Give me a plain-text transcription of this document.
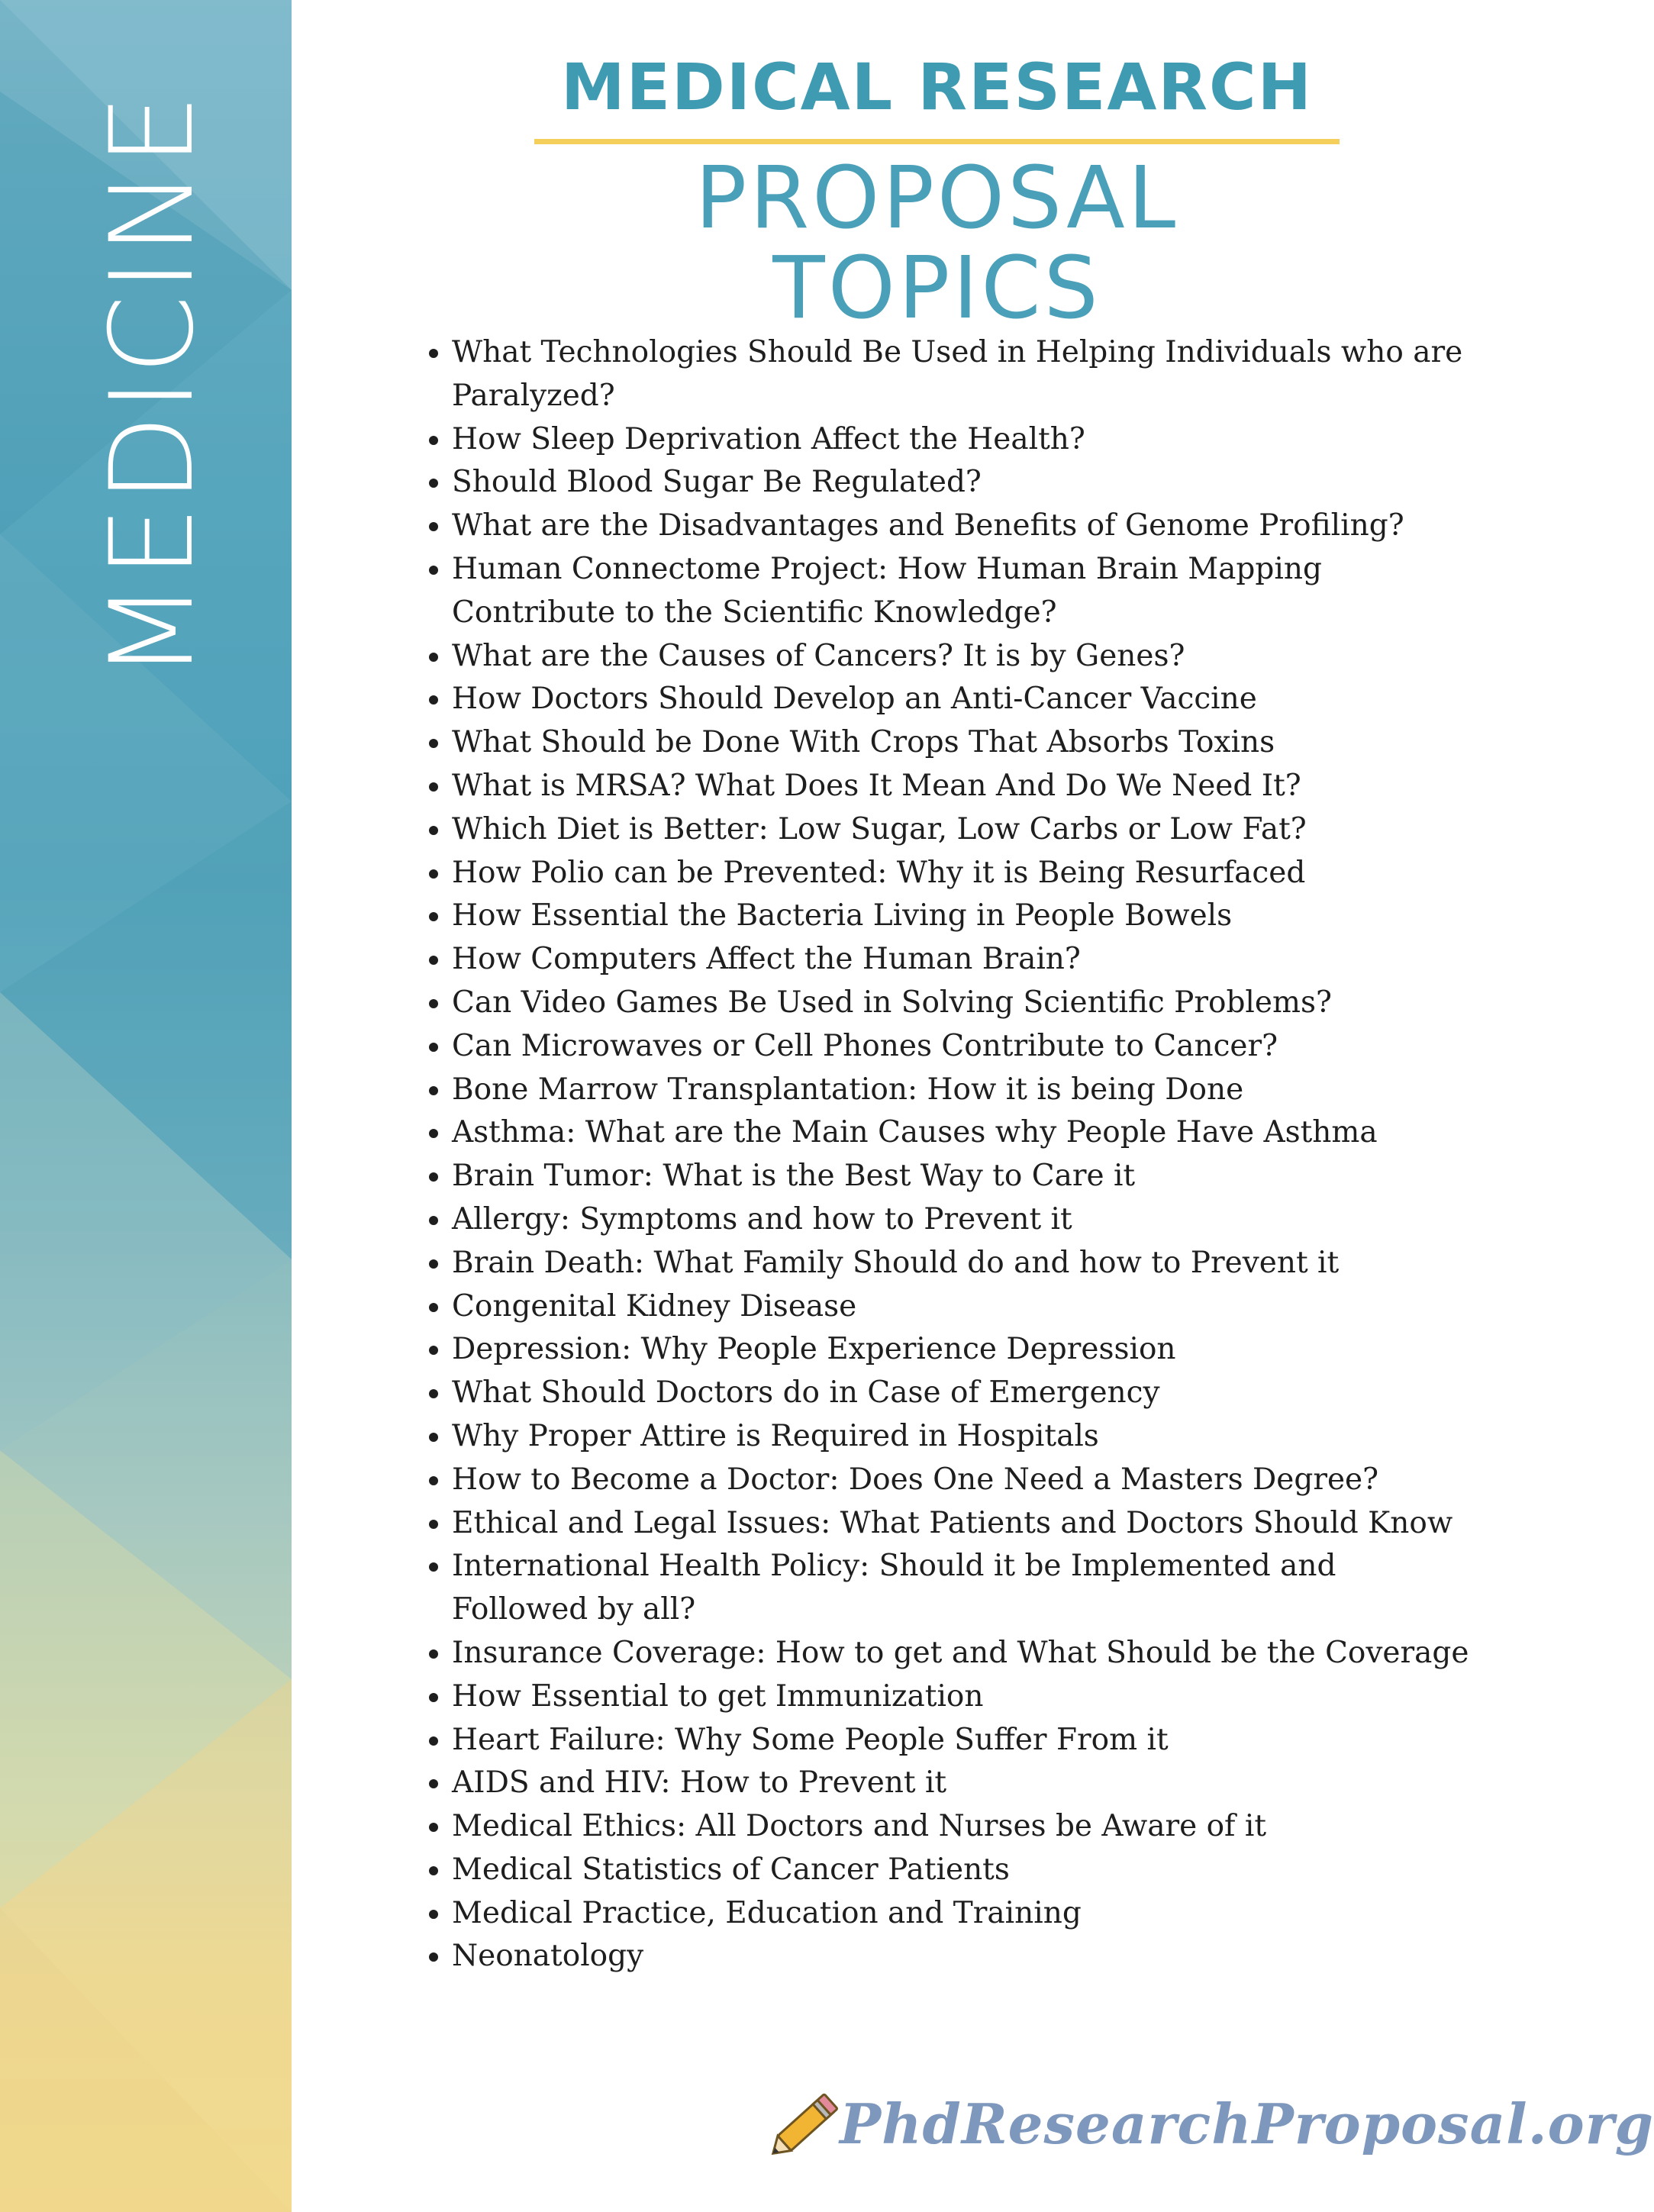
MEDICINE
MEDICAL RESEARCH
PROPOSAL TOPICS
• What Technologies Should Be Used in Helping Individuals who are Paralyzed?
• How Sleep Deprivation Affect the Health?
• Should Blood Sugar Be Regulated?
• What are the Disadvantages and Benefits of Genome Profiling?
• Human Connectome Project: How Human Brain Mapping Contribute to the Scientific Knowledge?
• What are the Causes of Cancers? It is by Genes?
• How Doctors Should Develop an Anti-Cancer Vaccine
• What Should be Done With Crops That Absorbs Toxins
• What is MRSA? What Does It Mean And Do We Need It?
• Which Diet is Better: Low Sugar, Low Carbs or Low Fat?
• How Polio can be Prevented: Why it is Being Resurfaced
• How Essential the Bacteria Living in People Bowels
• How Computers Affect the Human Brain?
• Can Video Games Be Used in Solving Scientific Problems?
• Can Microwaves or Cell Phones Contribute to Cancer?
• Bone Marrow Transplantation: How it is being Done
• Asthma: What are the Main Causes why People Have Asthma
• Brain Tumor: What is the Best Way to Care it
• Allergy: Symptoms and how to Prevent it
• Brain Death: What Family Should do and how to Prevent it
• Congenital Kidney Disease
• Depression: Why People Experience Depression
• What Should Doctors do in Case of Emergency
• Why Proper Attire is Required in Hospitals
• How to Become a Doctor: Does One Need a Masters Degree?
• Ethical and Legal Issues: What Patients and Doctors Should Know
• International Health Policy: Should it be Implemented and Followed by all?
• Insurance Coverage: How to get and What Should be the Coverage
• How Essential to get Immunization
• Heart Failure: Why Some People Suffer From it
• AIDS and HIV: How to Prevent it
• Medical Ethics: All Doctors and Nurses be Aware of it
• Medical Statistics of Cancer Patients
• Medical Practice, Education and Training
• Neonatology
PhdResearchProposal.org
